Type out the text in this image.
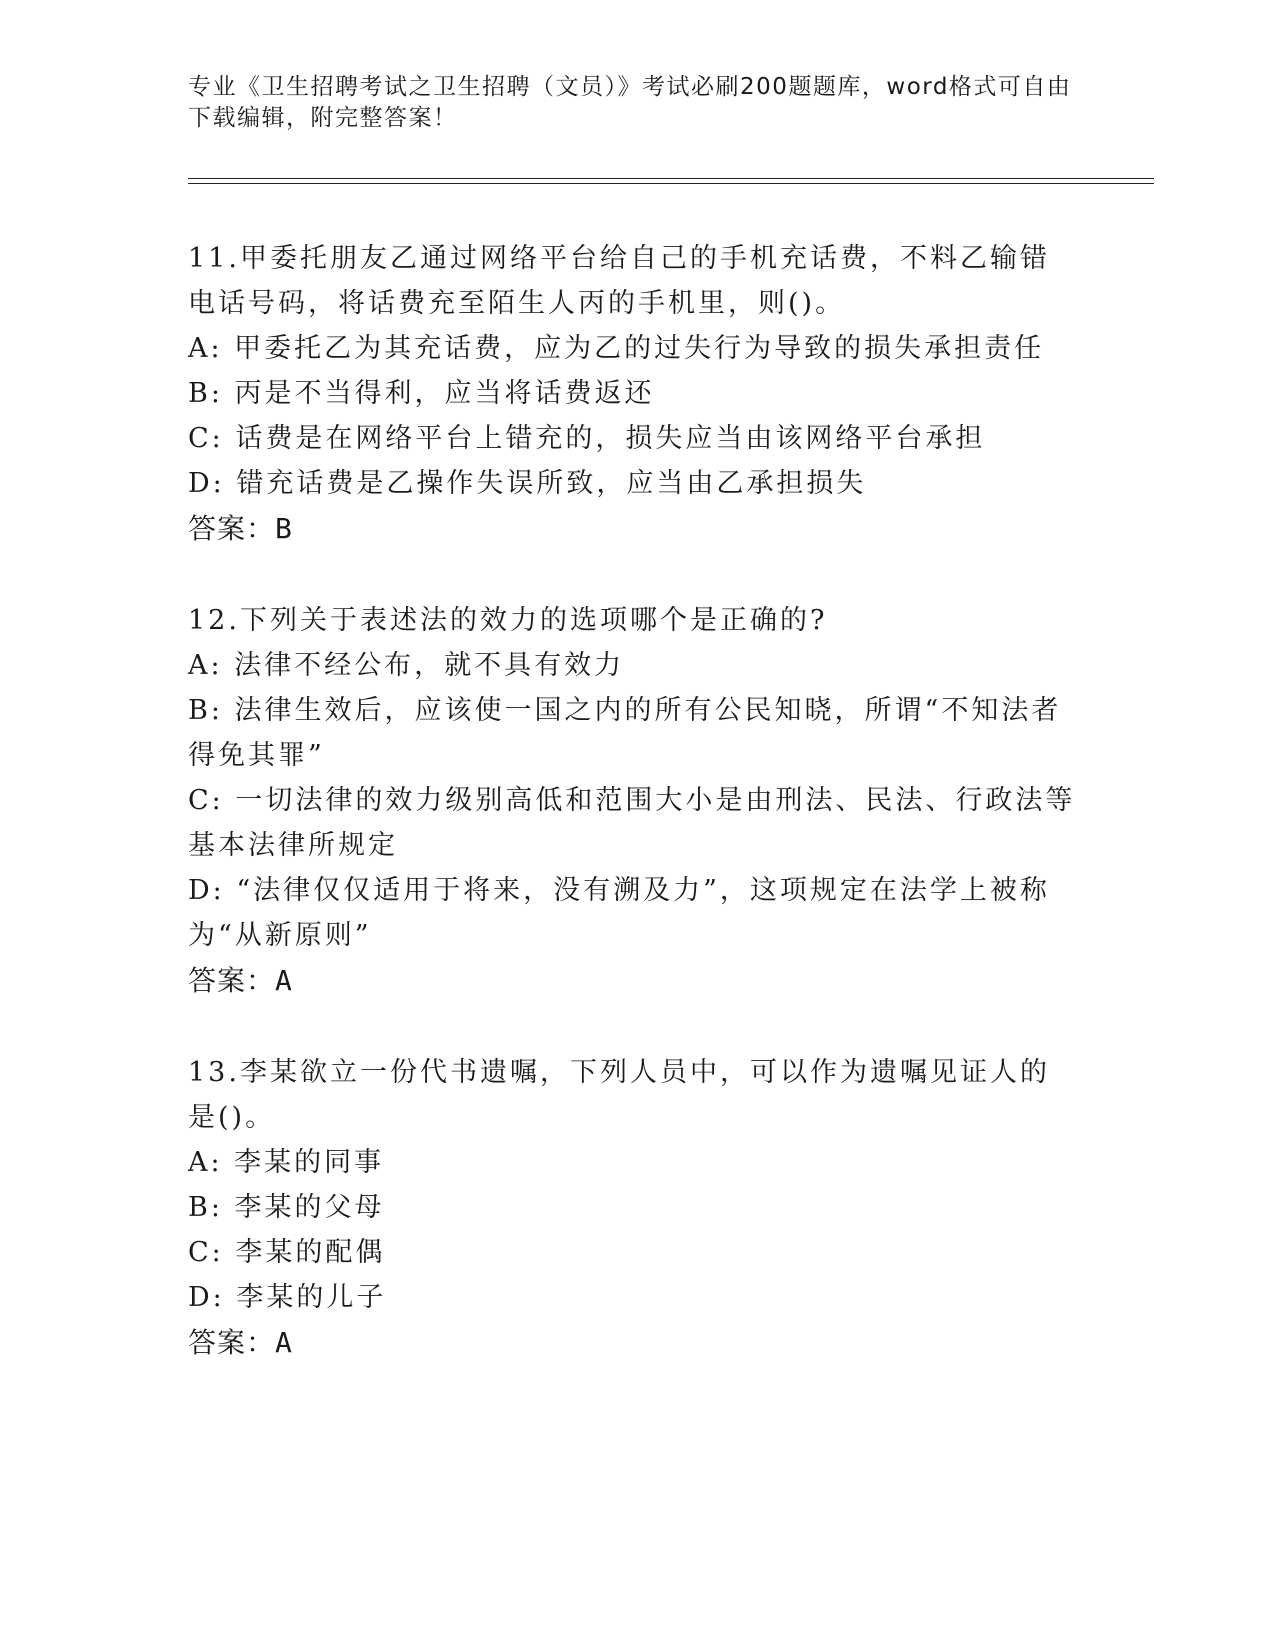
专业《卫生招聘考试之卫生招聘（文员）》考试必刷200题题库，word格式可自由下载编辑，附完整答案！

11.甲委托朋友乙通过网络平台给自己的手机充话费，不料乙输错电话号码，将话费充至陌生人丙的手机里，则()。

A: 甲委托乙为其充话费，应为乙的过失行为导致的损失承担责任

B: 丙是不当得利，应当将话费返还

C: 话费是在网络平台上错充的，损失应当由该网络平台承担

D: 错充话费是乙操作失误所致，应当由乙承担损失

答案：B

12.下列关于表述法的效力的选项哪个是正确的?

A: 法律不经公布，就不具有效力

B: 法律生效后，应该使一国之内的所有公民知晓，所谓“不知法者得免其罪”

C: 一切法律的效力级别高低和范围大小是由刑法、民法、行政法等基本法律所规定

D: “法律仅仅适用于将来，没有溯及力”，这项规定在法学上被称为“从新原则”

答案：A

13.李某欲立一份代书遗嘱，下列人员中，可以作为遗嘱见证人的是()。

A: 李某的同事

B: 李某的父母

C: 李某的配偶

D: 李某的儿子

答案：A
